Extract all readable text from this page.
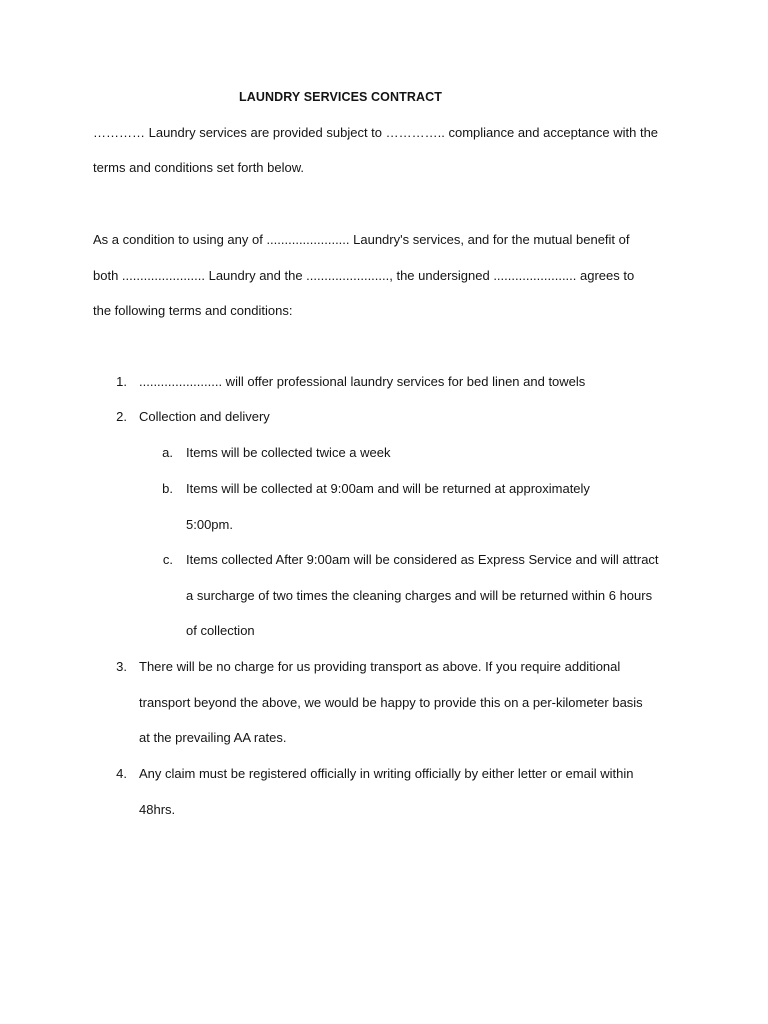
LAUNDRY SERVICES CONTRACT
………… Laundry services are provided subject to ………….. compliance and acceptance with the
terms and conditions set forth below.
As a condition to using any of ....................... Laundry's services, and for the mutual benefit of
both ....................... Laundry and the ......................., the undersigned ....................... agrees to
the following terms and conditions:
1. ....................... will offer professional laundry services for bed linen and towels
2. Collection and delivery
a. Items will be collected twice a week
b. Items will be collected at 9:00am and will be returned at approximately
5:00pm.
c. Items collected After 9:00am will be considered as Express Service and will attract
a surcharge of two times the cleaning charges and will be returned within 6 hours
of collection
3. There will be no charge for us providing transport as above. If you require additional
transport beyond the above, we would be happy to provide this on a per-kilometer basis
at the prevailing AA rates.
4. Any claim must be registered officially in writing officially by either letter or email within
48hrs.
